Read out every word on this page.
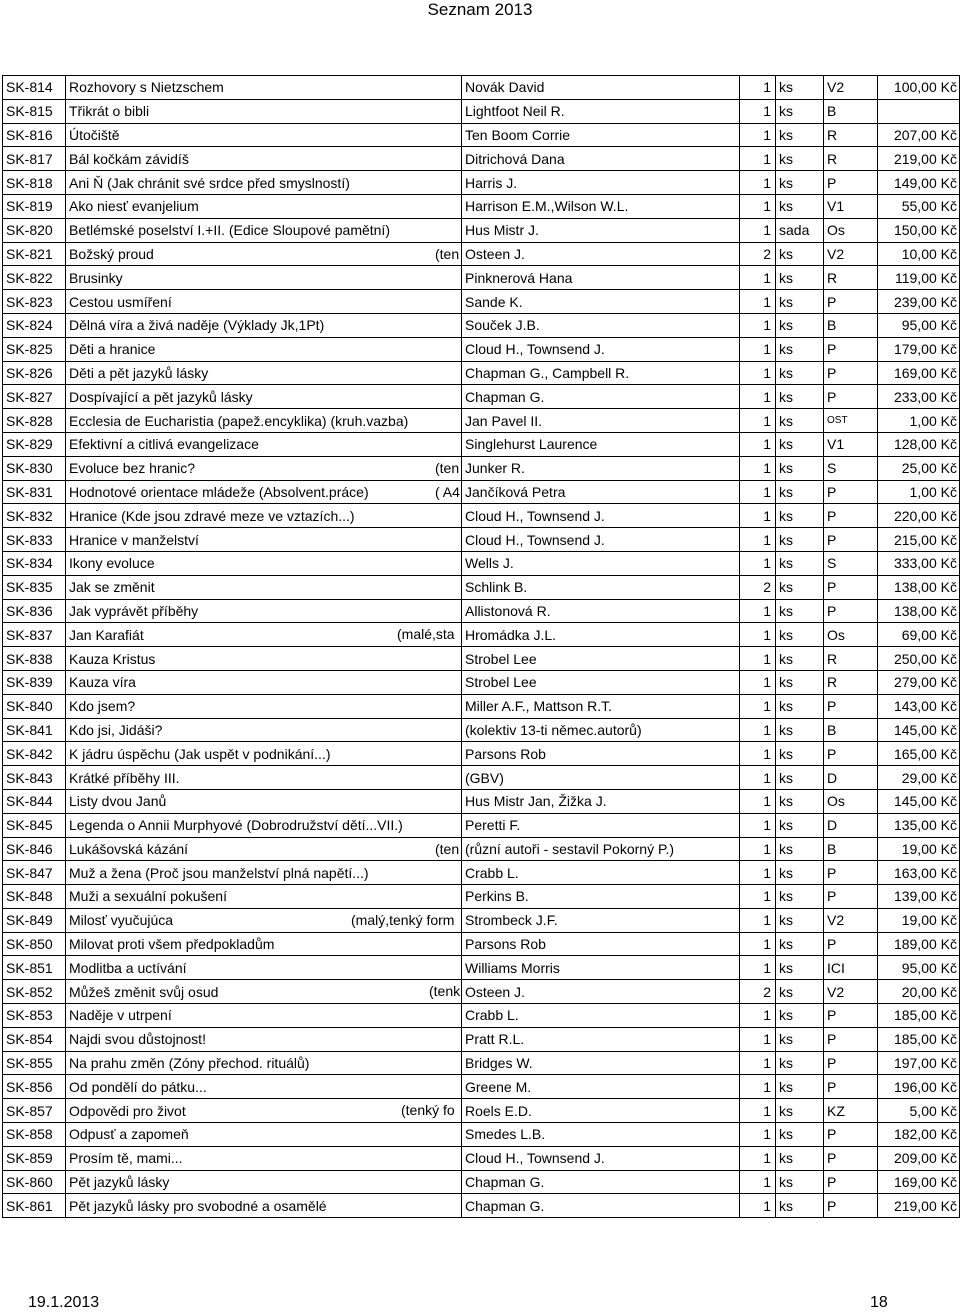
Seznam 2013
SK-814	Rozhovory s Nietzschem	Novák David	1	ks	V2	100,00 Kč
SK-815	Třikrát o bibli	Lightfoot Neil R.	1	ks	B	
SK-816	Útočiště	Ten Boom Corrie	1	ks	R	207,00 Kč
SK-817	Bál kočkám závidíš	Ditrichová Dana	1	ks	R	219,00 Kč
SK-818	Ani Ň (Jak chránit své srdce před smyslností)	Harris J.	1	ks	P	149,00 Kč
SK-819	Ako niesť evanjelium	Harrison E.M.,Wilson W.L.	1	ks	V1	55,00 Kč
SK-820	Betlémské poselství I.+II. (Edice Sloupové pamětní)	Hus Mistr J.	1	sada	Os	150,00 Kč
SK-821	Božský proud (ten	Osteen J.	2	ks	V2	10,00 Kč
SK-822	Brusinky	Pinknerová Hana	1	ks	R	119,00 Kč
SK-823	Cestou usmíření	Sande K.	1	ks	P	239,00 Kč
SK-824	Dělná víra a živá naděje (Výklady Jk,1Pt)	Souček J.B.	1	ks	B	95,00 Kč
SK-825	Děti a hranice	Cloud H., Townsend J.	1	ks	P	179,00 Kč
SK-826	Děti a pět jazyků lásky	Chapman G., Campbell R.	1	ks	P	169,00 Kč
SK-827	Dospívající a pět jazyků lásky	Chapman G.	1	ks	P	233,00 Kč
SK-828	Ecclesia de Eucharistia (papež.encyklika) (kruh.vazba)	Jan Pavel II.	1	ks	OST	1,00 Kč
SK-829	Efektivní a citlivá evangelizace	Singlehurst Laurence	1	ks	V1	128,00 Kč
SK-830	Evoluce bez hranic? (ten	Junker R.	1	ks	S	25,00 Kč
SK-831	Hodnotové orientace mládeže (Absolvent.práce) ( A4	Jančíková Petra	1	ks	P	1,00 Kč
SK-832	Hranice (Kde jsou zdravé meze ve vztazích...)	Cloud H., Townsend J.	1	ks	P	220,00 Kč
SK-833	Hranice v manželství	Cloud H., Townsend J.	1	ks	P	215,00 Kč
SK-834	Ikony evoluce	Wells J.	1	ks	S	333,00 Kč
SK-835	Jak se změnit	Schlink B.	2	ks	P	138,00 Kč
SK-836	Jak vyprávět příběhy	Allistonová R.	1	ks	P	138,00 Kč
SK-837	Jan Karafiát (malé,sta	Hromádka J.L.	1	ks	Os	69,00 Kč
SK-838	Kauza Kristus	Strobel Lee	1	ks	R	250,00 Kč
SK-839	Kauza víra	Strobel Lee	1	ks	R	279,00 Kč
SK-840	Kdo jsem?	Miller A.F., Mattson R.T.	1	ks	P	143,00 Kč
SK-841	Kdo jsi, Jidáši?	(kolektiv 13-ti němec.autorů)	1	ks	B	145,00 Kč
SK-842	K jádru úspěchu (Jak uspět v podnikání...)	Parsons Rob	1	ks	P	165,00 Kč
SK-843	Krátké příběhy III.	(GBV)	1	ks	D	29,00 Kč
SK-844	Listy dvou Janů	Hus Mistr Jan, Žižka J.	1	ks	Os	145,00 Kč
SK-845	Legenda o Annii Murphyové (Dobrodružství dětí...VII.)	Peretti F.	1	ks	D	135,00 Kč
SK-846	Lukášovská kázání (ten	(různí autoři - sestavil Pokorný P.)	1	ks	B	19,00 Kč
SK-847	Muž a žena (Proč jsou manželství plná napětí...)	Crabb L.	1	ks	P	163,00 Kč
SK-848	Muži a sexuální pokušení	Perkins B.	1	ks	P	139,00 Kč
SK-849	Milosť vyučujúca (malý,tenký form	Strombeck J.F.	1	ks	V2	19,00 Kč
SK-850	Milovat proti všem předpokladům	Parsons Rob	1	ks	P	189,00 Kč
SK-851	Modlitba a uctívání	Williams Morris	1	ks	ICI	95,00 Kč
SK-852	Můžeš změnit svůj osud (tenk	Osteen J.	2	ks	V2	20,00 Kč
SK-853	Naděje v utrpení	Crabb L.	1	ks	P	185,00 Kč
SK-854	Najdi svou důstojnost!	Pratt R.L.	1	ks	P	185,00 Kč
SK-855	Na prahu změn (Zóny přechod. rituálů)	Bridges W.	1	ks	P	197,00 Kč
SK-856	Od pondělí do pátku...	Greene M.	1	ks	P	196,00 Kč
SK-857	Odpovědi pro život (tenký fo	Roels E.D.	1	ks	KZ	5,00 Kč
SK-858	Odpusť a zapomeň	Smedes L.B.	1	ks	P	182,00 Kč
SK-859	Prosím tě, mami...	Cloud H., Townsend J.	1	ks	P	209,00 Kč
SK-860	Pět jazyků lásky	Chapman G.	1	ks	P	169,00 Kč
SK-861	Pět jazyků lásky pro svobodné a osamělé	Chapman G.	1	ks	P	219,00 Kč
19.1.2013	18
